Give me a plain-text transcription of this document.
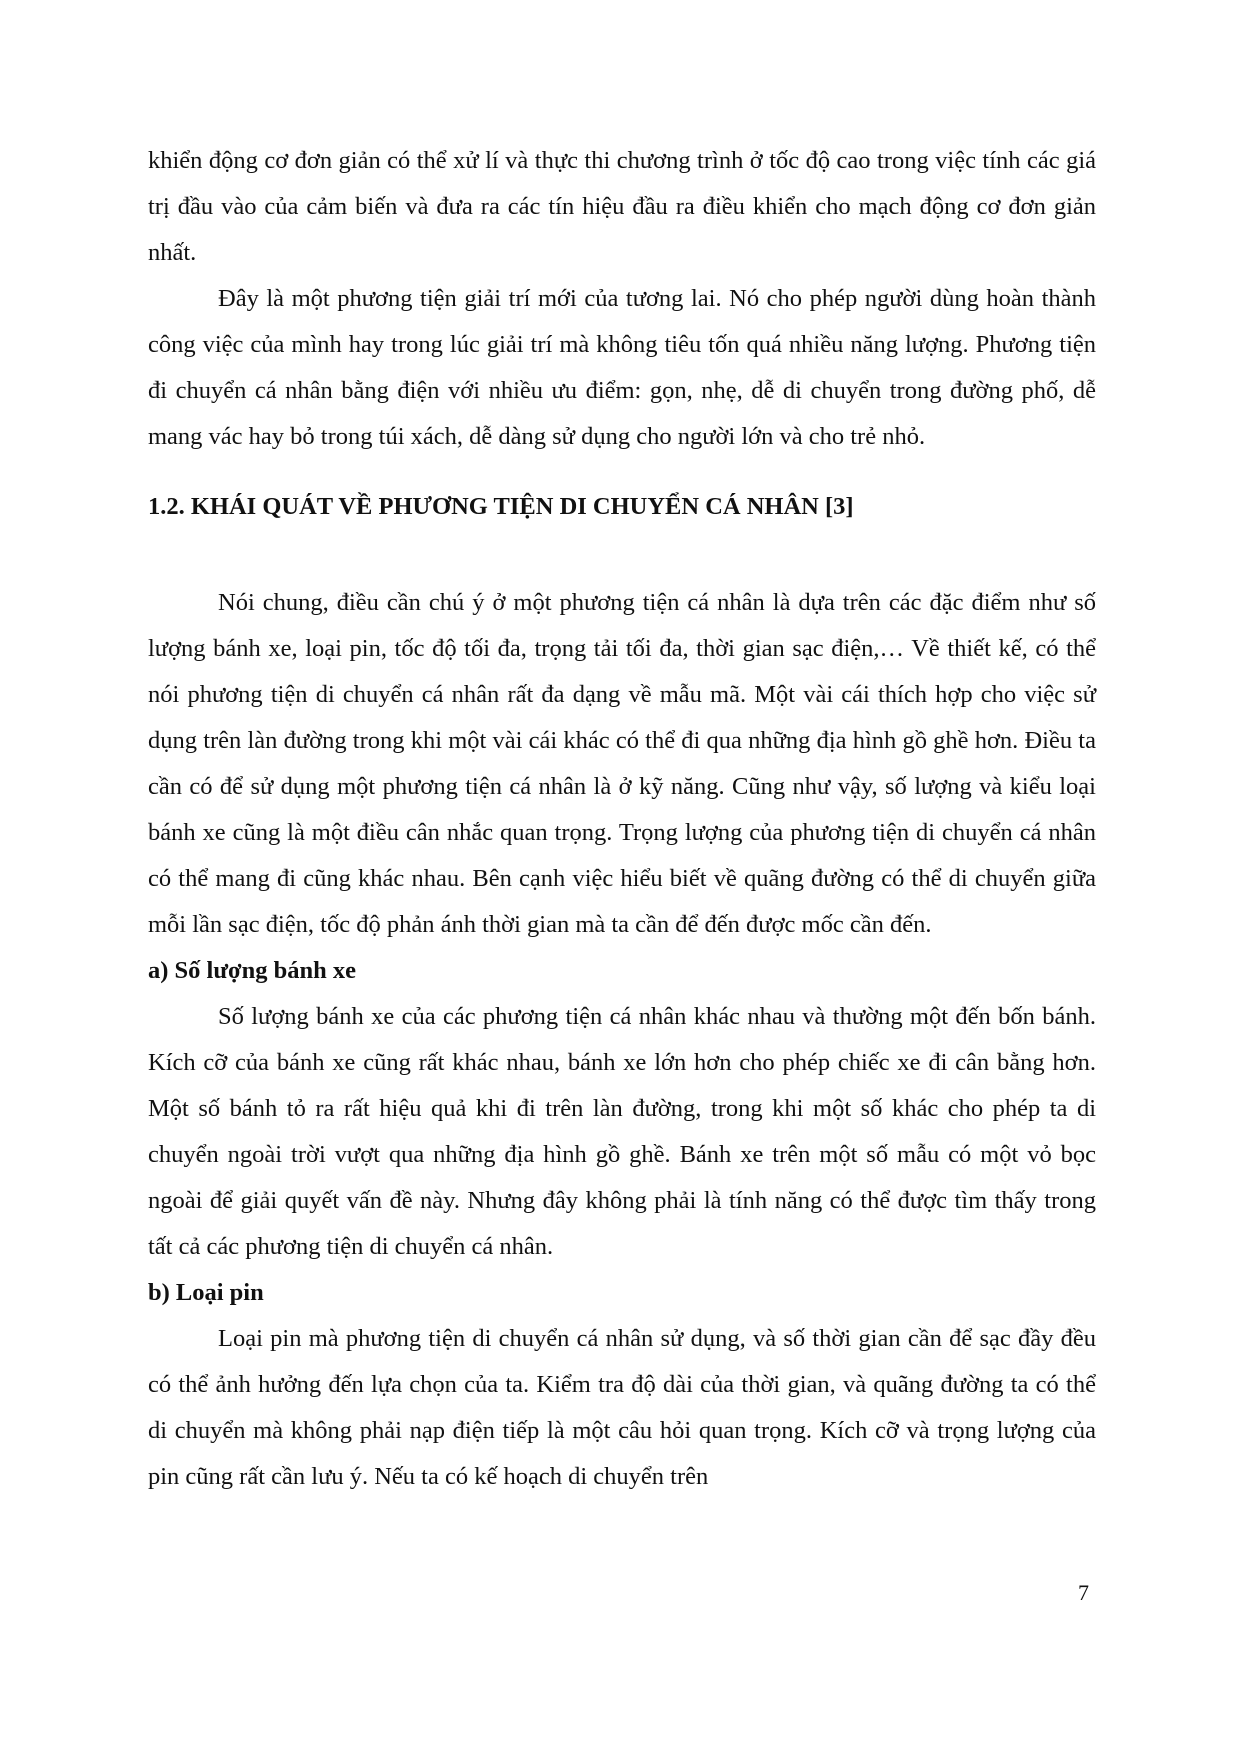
khiển động cơ đơn giản có thể xử lí và thực thi chương trình ở tốc độ cao trong việc tính các giá trị đầu vào của cảm biến và đưa ra các tín hiệu đầu ra điều khiển cho mạch động cơ đơn giản nhất.

Đây là một phương tiện giải trí mới của tương lai. Nó cho phép người dùng hoàn thành công việc của mình hay trong lúc giải trí mà không tiêu tốn quá nhiều năng lượng. Phương tiện đi chuyển cá nhân bằng điện với nhiều ưu điểm: gọn, nhẹ, dễ di chuyển trong đường phố, dễ mang vác hay bỏ trong túi xách, dễ dàng sử dụng cho người lớn và cho trẻ nhỏ.

1.2. KHÁI QUÁT VỀ PHƯƠNG TIỆN DI CHUYỂN CÁ NHÂN [3]

Nói chung, điều cần chú ý ở một phương tiện cá nhân là dựa trên các đặc điểm như số lượng bánh xe, loại pin, tốc độ tối đa, trọng tải tối đa, thời gian sạc điện,… Về thiết kế, có thể nói phương tiện di chuyển cá nhân rất đa dạng về mẫu mã. Một vài cái thích hợp cho việc sử dụng trên làn đường trong khi một vài cái khác có thể đi qua những địa hình gồ ghề hơn. Điều ta cần có để sử dụng một phương tiện cá nhân là ở kỹ năng. Cũng như vậy, số lượng và kiểu loại bánh xe cũng là một điều cân nhắc quan trọng. Trọng lượng của phương tiện di chuyển cá nhân có thể mang đi cũng khác nhau. Bên cạnh việc hiểu biết về quãng đường có thể di chuyển giữa mỗi lần sạc điện, tốc độ phản ánh thời gian mà ta cần để đến được mốc cần đến.

a) Số lượng bánh xe

Số lượng bánh xe của các phương tiện cá nhân khác nhau và thường một đến bốn bánh. Kích cỡ của bánh xe cũng rất khác nhau, bánh xe lớn hơn cho phép chiếc xe đi cân bằng hơn. Một số bánh tỏ ra rất hiệu quả khi đi trên làn đường, trong khi một số khác cho phép ta di chuyển ngoài trời vượt qua những địa hình gồ ghề. Bánh xe trên một số mẫu có một vỏ bọc ngoài để giải quyết vấn đề này. Nhưng đây không phải là tính năng có thể được tìm thấy trong tất cả các phương tiện di chuyển cá nhân.

b) Loại pin

Loại pin mà phương tiện di chuyển cá nhân sử dụng, và số thời gian cần để sạc đầy đều có thể ảnh hưởng đến lựa chọn của ta. Kiểm tra độ dài của thời gian, và quãng đường ta có thể di chuyển mà không phải nạp điện tiếp là một câu hỏi quan trọng. Kích cỡ và trọng lượng của pin cũng rất cần lưu ý. Nếu ta có kế hoạch di chuyển trên

7
